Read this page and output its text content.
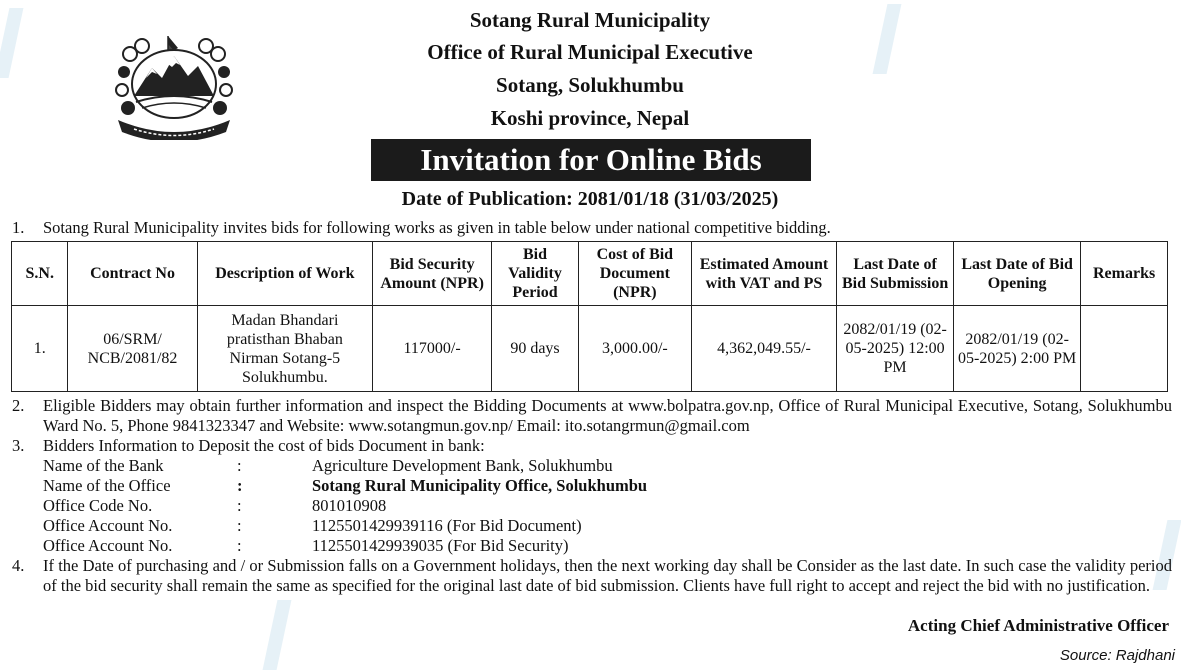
Sotang Rural Municipality
Office of Rural Municipal Executive
Sotang, Solukhumbu
Koshi province, Nepal
Invitation for Online Bids
Date of Publication: 2081/01/18 (31/03/2025)
1. Sotang Rural Municipality invites bids for following works as given in table below under national competitive bidding.
S.N.	Contract No	Description of Work	Bid Security Amount (NPR)	Bid Validity Period	Cost of Bid Document (NPR)	Estimated Amount with VAT and PS	Last Date of Bid Submission	Last Date of Bid Opening	Remarks
1.	06/SRM/ NCB/2081/82	Madan Bhandari pratisthan Bhaban Nirman Sotang-5 Solukhumbu.	117000/-	90 days	3,000.00/-	4,362,049.55/-	2082/01/19 (02-05-2025) 12:00 PM	2082/01/19 (02-05-2025) 2:00 PM	
2. Eligible Bidders may obtain further information and inspect the Bidding Documents at www.bolpatra.gov.np, Office of Rural Municipal Executive, Sotang, Solukhumbu Ward No. 5, Phone 9841323347 and Website: www.sotangmun.gov.np/ Email: ito.sotangrmun@gmail.com
3. Bidders Information to Deposit the cost of bids Document in bank:
Name of the Bank	:	Agriculture Development Bank, Solukhumbu
Name of the Office	:	Sotang Rural Municipality Office, Solukhumbu
Office Code No.	:	801010908
Office Account No.	:	1125501429939116 (For Bid Document)
Office Account No.	:	1125501429939035 (For Bid Security)
4. If the Date of purchasing and / or Submission falls on a Government holidays, then the next working day shall be Consider as the last date. In such case the validity period of the bid security shall remain the same as specified for the original last date of bid submission. Clients have full right to accept and reject the bid with no justification.
Acting Chief Administrative Officer
Source: Rajdhani
